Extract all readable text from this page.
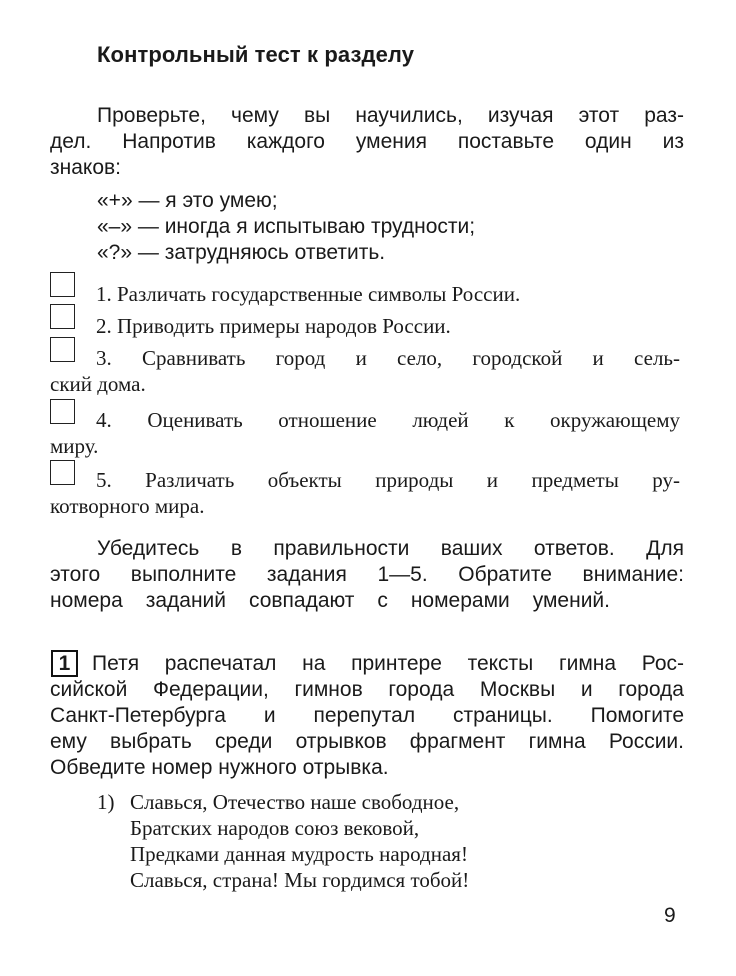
Контрольный тест к разделу
Проверьте, чему вы научились, изучая этот раз-
дел. Напротив каждого умения поставьте один из
знаков:
«+» — я это умею;
«–» — иногда я испытываю трудности;
«?» — затрудняюсь ответить.
1. Различать государственные символы России.
2. Приводить примеры народов России.
3. Сравнивать город и село, городской и сель-
ский дома.
4. Оценивать отношение людей к окружающему
миру.
5. Различать объекты природы и предметы ру-
котворного мира.
Убедитесь в правильности ваших ответов. Для
этого выполните задания 1—5. Обратите внимание:
номера заданий совпадают с номерами умений.
1	Петя распечатал на принтере тексты гимна Рос-
сийской Федерации, гимнов города Москвы и города
Санкт-Петербурга и перепутал страницы. Помогите
ему выбрать среди отрывков фрагмент гимна России.
Обведите номер нужного отрывка.
1) Славься, Отечество наше свободное,
Братских народов союз вековой,
Предками данная мудрость народная!
Славься, страна! Мы гордимся тобой!
9
